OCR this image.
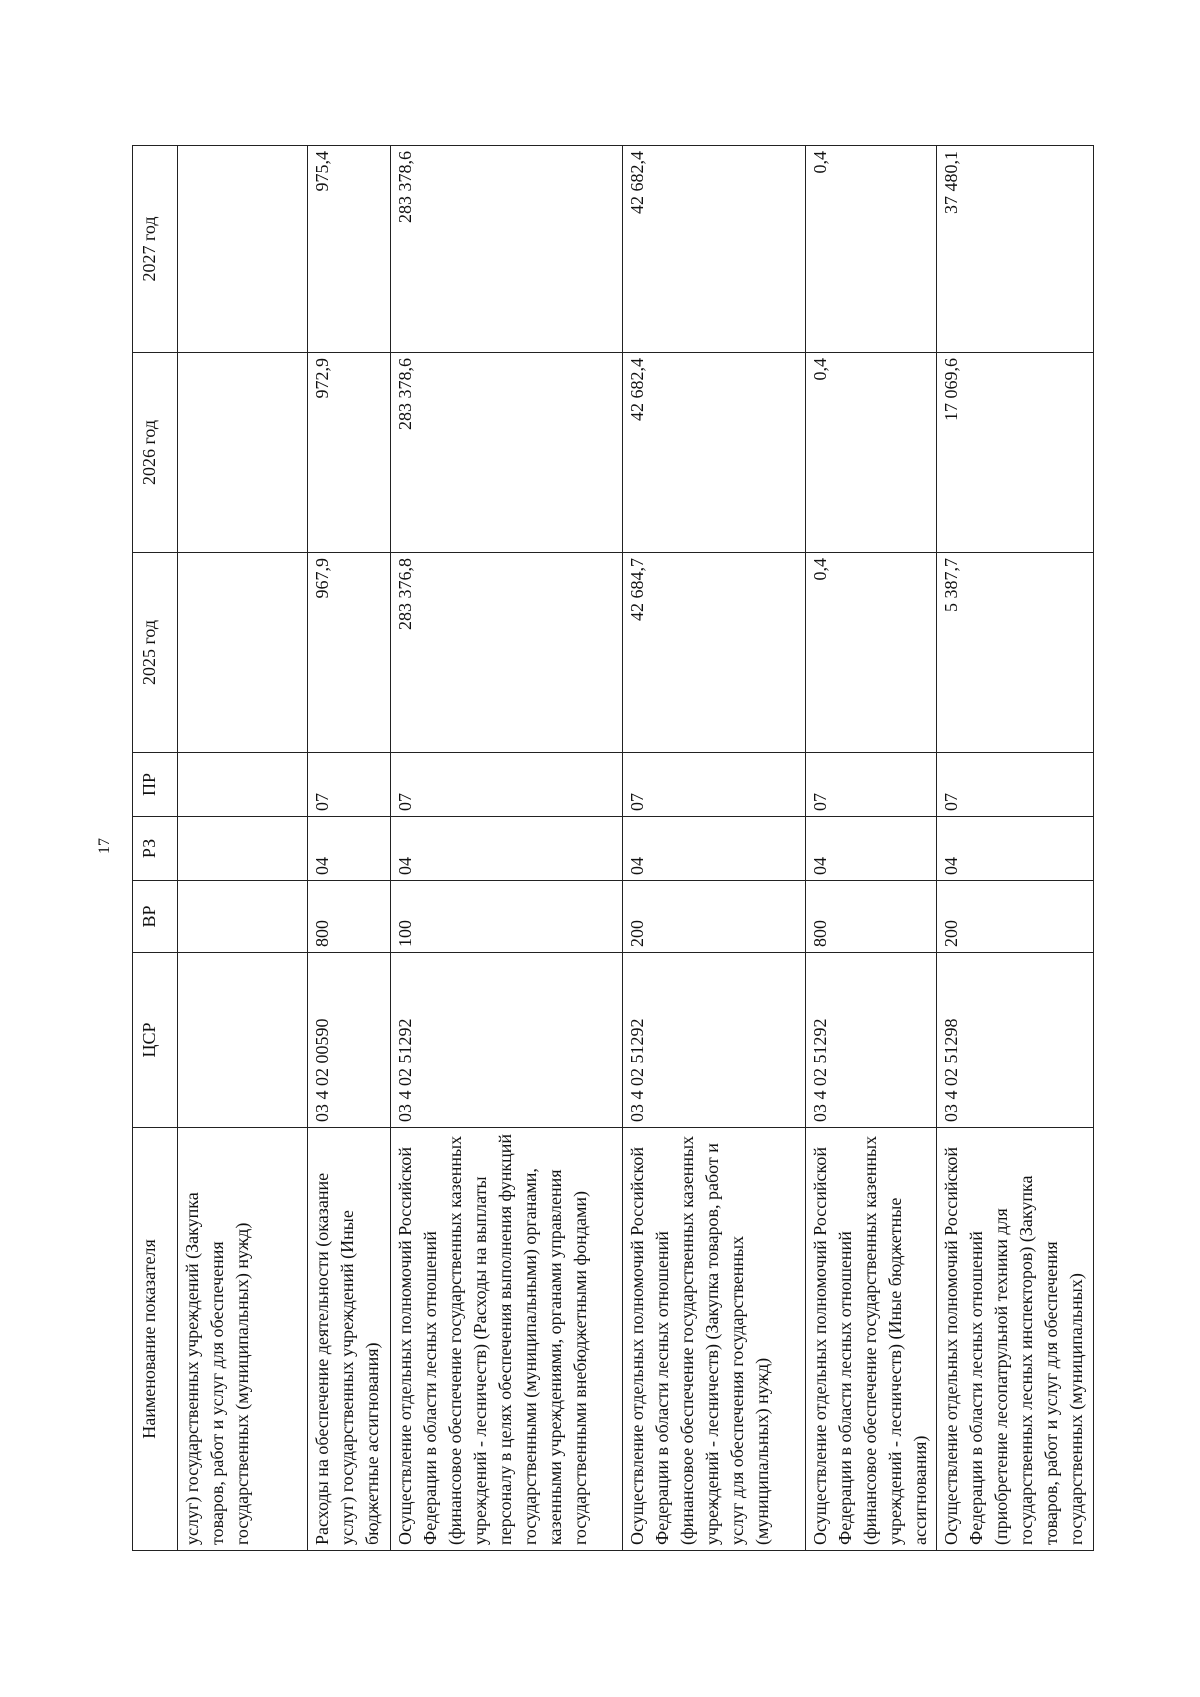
17
Наименование показателя	ЦСР	ВР	РЗ	ПР	2025 год	2026 год	2027 год
услуг) государственных учреждений (Закупка товаров, работ и услуг для обеспечения государственных (муниципальных) нужд)							
Расходы на обеспечение деятельности (оказание услуг) государственных учреждений (Иные бюджетные ассигнования)	03 4 02 00590	800	04	07	967,9	972,9	975,4
Осуществление отдельных полномочий Российской Федерации в области лесных отношений (финансовое обеспечение государственных казенных учреждений - лесничеств) (Расходы на выплаты персоналу в целях обеспечения выполнения функций государственными (муниципальными) органами, казенными учреждениями, органами управления государственными внебюджетными фондами)	03 4 02 51292	100	04	07	283 376,8	283 378,6	283 378,6
Осуществление отдельных полномочий Российской Федерации в области лесных отношений (финансовое обеспечение государственных казенных учреждений - лесничеств) (Закупка товаров, работ и услуг для обеспечения государственных (муниципальных) нужд)	03 4 02 51292	200	04	07	42 684,7	42 682,4	42 682,4
Осуществление отдельных полномочий Российской Федерации в области лесных отношений (финансовое обеспечение государственных казенных учреждений - лесничеств) (Иные бюджетные ассигнования)	03 4 02 51292	800	04	07	0,4	0,4	0,4
Осуществление отдельных полномочий Российской Федерации в области лесных отношений (приобретение лесопатрульной техники для государственных лесных инспекторов) (Закупка товаров, работ и услуг для обеспечения государственных (муниципальных)	03 4 02 51298	200	04	07	5 387,7	17 069,6	37 480,1
